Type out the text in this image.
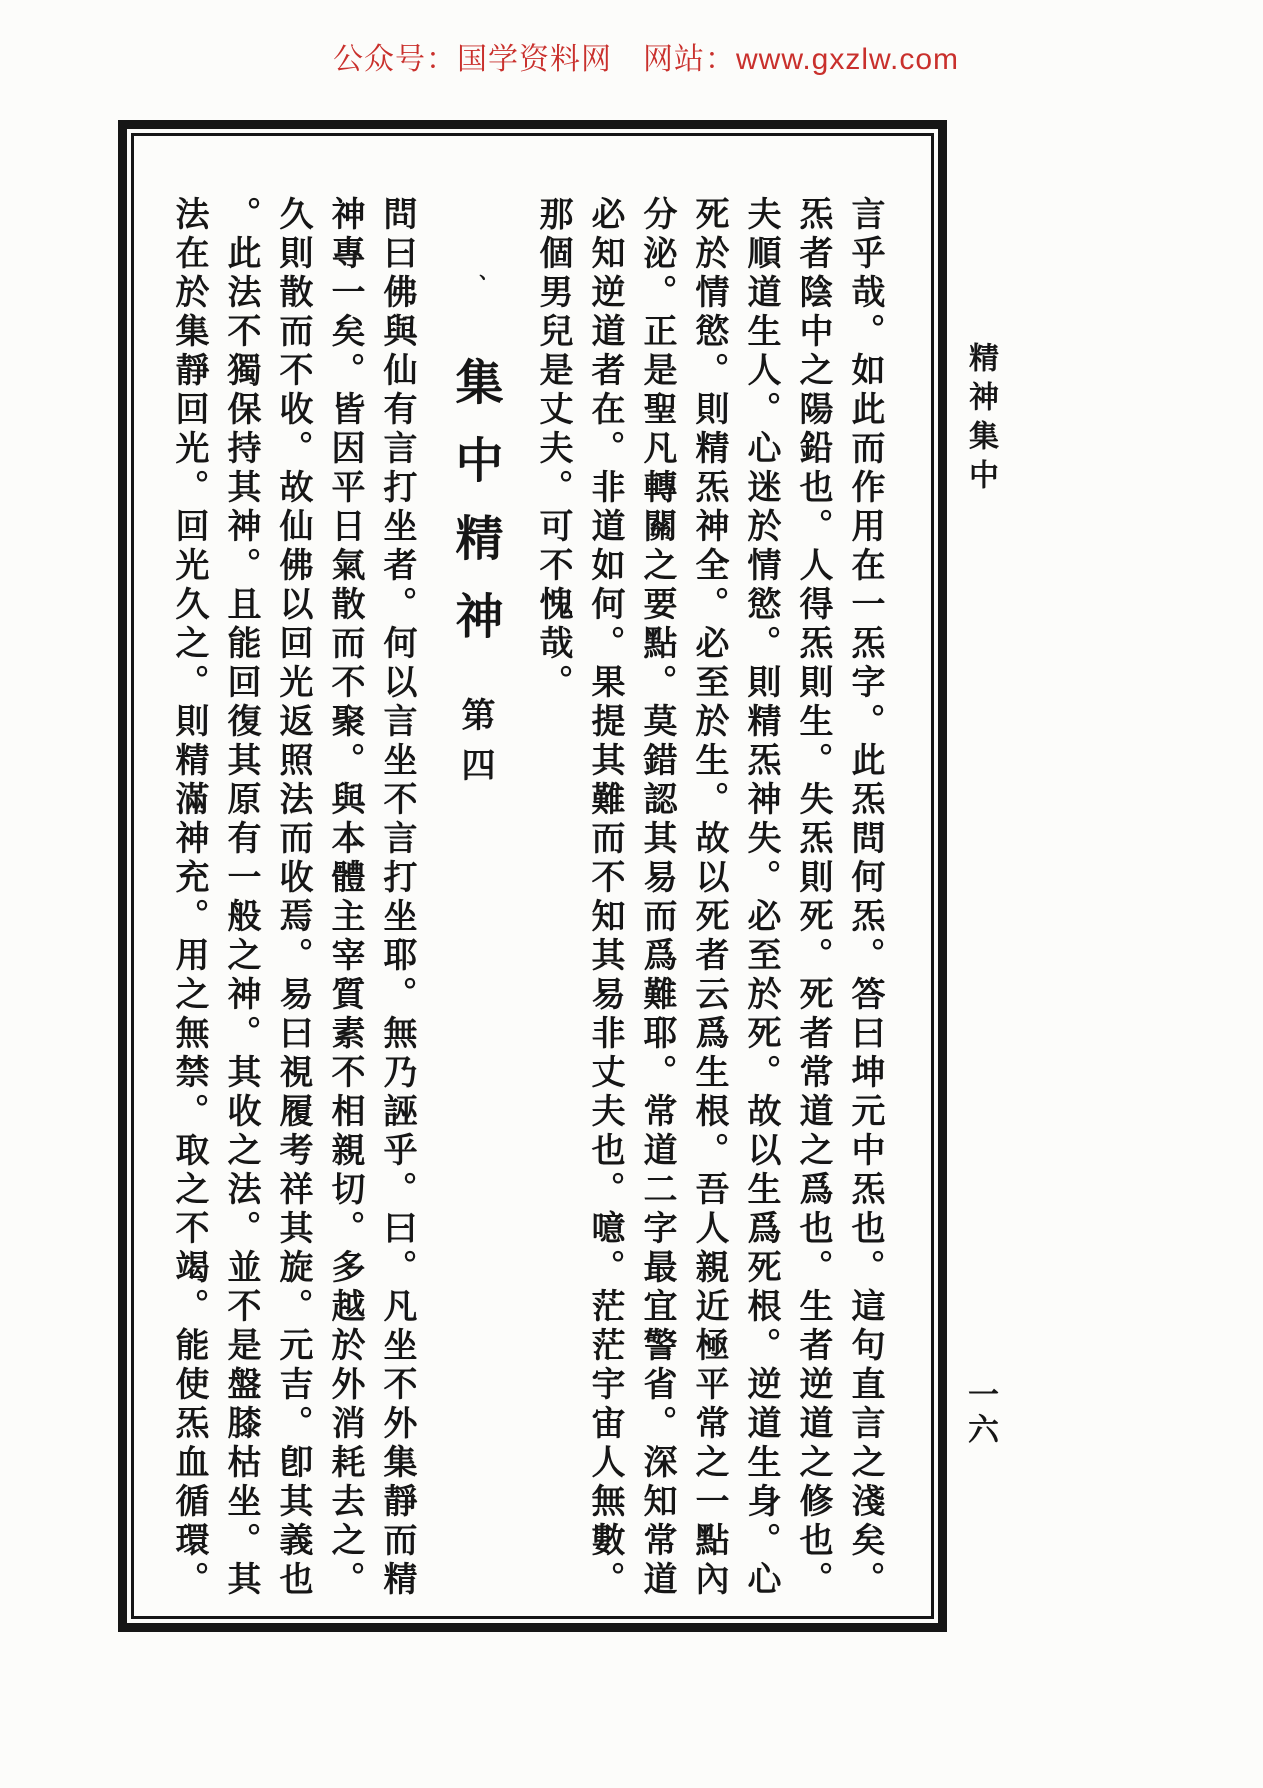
公众号：国学资料网　网站：www.gxzlw.com
言乎哉。如此而作用在一炁字。此炁問何炁。答曰坤元中炁也。這句直言之淺矣。
炁者陰中之陽鉛也。人得炁則生。失炁則死。死者常道之爲也。生者逆道之修也。
夫順道生人。心迷於情慾。則精炁神失。必至於死。故以生爲死根。逆道生身。心
死於情慾。則精炁神全。必至於生。故以死者云爲生根。吾人親近極平常之一點內
分泌。正是聖凡轉關之要點。莫錯認其易而爲難耶。常道二字最宜警省。深知常道
必知逆道者在。非道如何。果提其難而不知其易非丈夫也。噫。茫茫宇宙人無數。
那個男兒是丈夫。可不愧哉。
、集中精神第四
問曰佛與仙有言打坐者。何以言坐不言打坐耶。無乃誣乎。曰。凡坐不外集靜而精
神專一矣。皆因平日氣散而不聚。與本體主宰質素不相親切。多越於外消耗去之。
久則散而不收。故仙佛以回光返照法而收焉。易曰視履考祥其旋。元吉。卽其義也
。此法不獨保持其神。且能回復其原有一般之神。其收之法。並不是盤膝枯坐。其
法在於集靜回光。回光久之。則精滿神充。用之無禁。取之不竭。能使炁血循環。	精神集中
一六
